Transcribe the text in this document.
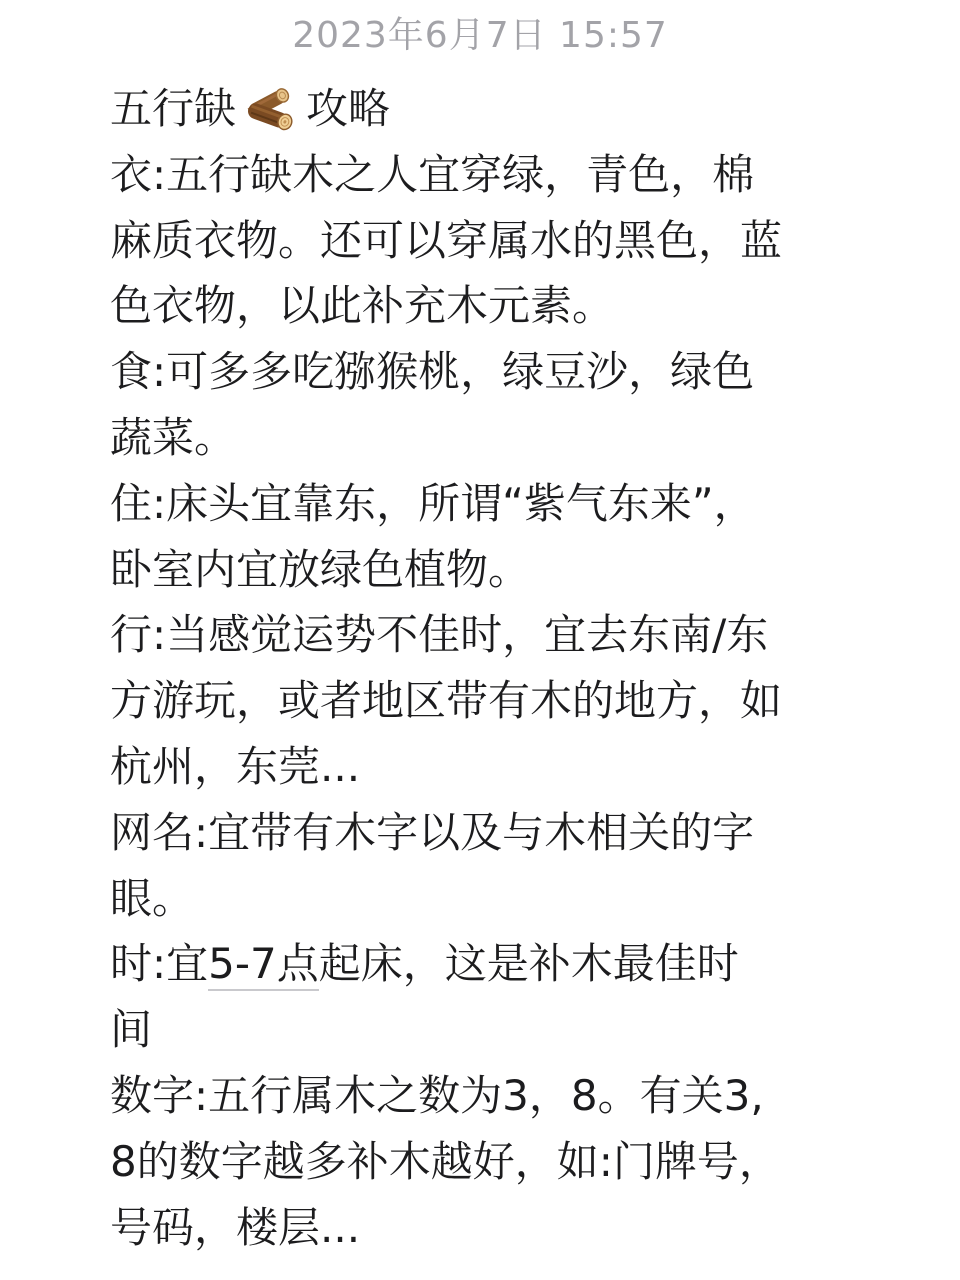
2023年6月7日 15:57
五行缺 攻略
衣:五行缺木之人宜穿绿，青色，棉
麻质衣物。还可以穿属水的黑色，蓝
色衣物，以此补充木元素。
食:可多多吃猕猴桃，绿豆沙，绿色
蔬菜。
住:床头宜靠东，所谓“紫气东来”，
卧室内宜放绿色植物。
行:当感觉运势不佳时，宜去东南/东
方游玩，或者地区带有木的地方，如
杭州，东莞...
网名:宜带有木字以及与木相关的字
眼。
时:宜5-7点起床，这是补木最佳时
间
数字:五行属木之数为3，8。有关3,
8的数字越多补木越好，如:门牌号，
号码，楼层...
